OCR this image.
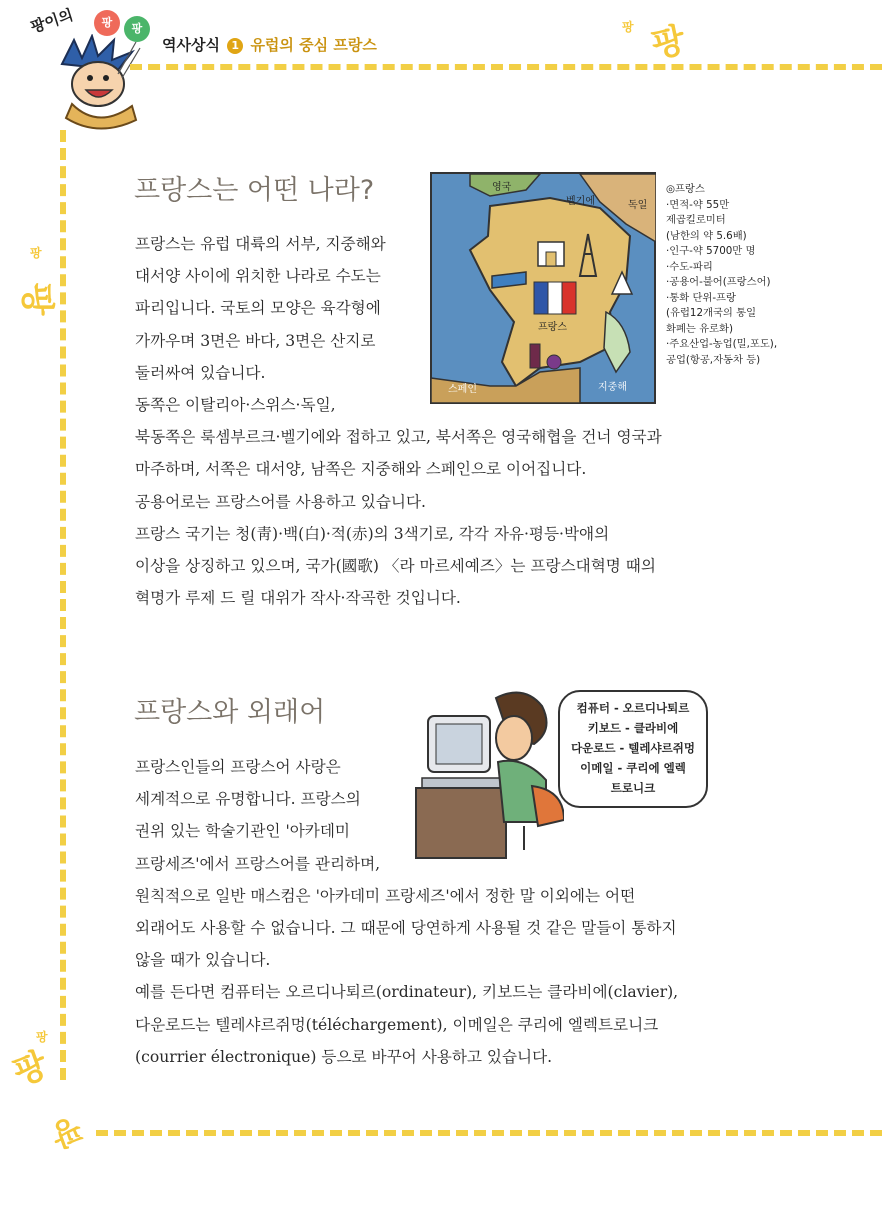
팡이의	팡	팡
역사상식 1 유럽의 중심 프랑스
팡 팡
팡
팡
팡
팡
팡
프랑스는 어떤 나라?
프랑스는 유럽 대륙의 서부, 지중해와
대서양 사이에 위치한 나라로 수도는
파리입니다. 국토의 모양은 육각형에
가까우며 3면은 바다, 3면은 산지로
둘러싸여 있습니다.
동쪽은 이탈리아·스위스·독일,
북동쪽은 룩셈부르크·벨기에와 접하고 있고, 북서쪽은 영국해협을 건너 영국과
마주하며, 서쪽은 대서양, 남쪽은 지중해와 스페인으로 이어집니다.
공용어로는 프랑스어를 사용하고 있습니다.
프랑스 국기는 청(靑)·백(白)·적(赤)의 3색기로, 각각 자유·평등·박애의
이상을 상징하고 있으며, 국가(國歌) 〈라 마르세예즈〉는 프랑스대혁명 때의
혁명가 루제 드 릴 대위가 작사·작곡한 것입니다.
영국
벨기에	독일
프랑스
스페인	지중해
◎프랑스
·면적-약 55만
제곱킬로미터
(남한의 약 5.6배)
·인구-약 5700만 명
·수도-파리
·공용어-불어(프랑스어)
·통화 단위-프랑
(유럽12개국의 통일
화폐는 유로화)
·주요산업-농업(밀,포도),
공업(항공,자동차 등)
프랑스와 외래어
프랑스인들의 프랑스어 사랑은
세계적으로 유명합니다. 프랑스의
권위 있는 학술기관인 '아카데미
프랑세즈'에서 프랑스어를 관리하며,
원칙적으로 일반 매스컴은 '아카데미 프랑세즈'에서 정한 말 이외에는 어떤
외래어도 사용할 수 없습니다. 그 때문에 당연하게 사용될 것 같은 말들이 통하지
않을 때가 있습니다.
예를 든다면 컴퓨터는 오르디나퇴르(ordinateur), 키보드는 클라비에(clavier),
다운로드는 텔레샤르쥐멍(téléchargement), 이메일은 쿠리에 엘렉트로니크
(courrier électronique) 등으로 바꾸어 사용하고 있습니다.
컴퓨터 - 오르디나퇴르
키보드 - 클라비에
다운로드 - 텔레샤르쥐멍
이메일 - 쿠리에 엘렉
트로니크
